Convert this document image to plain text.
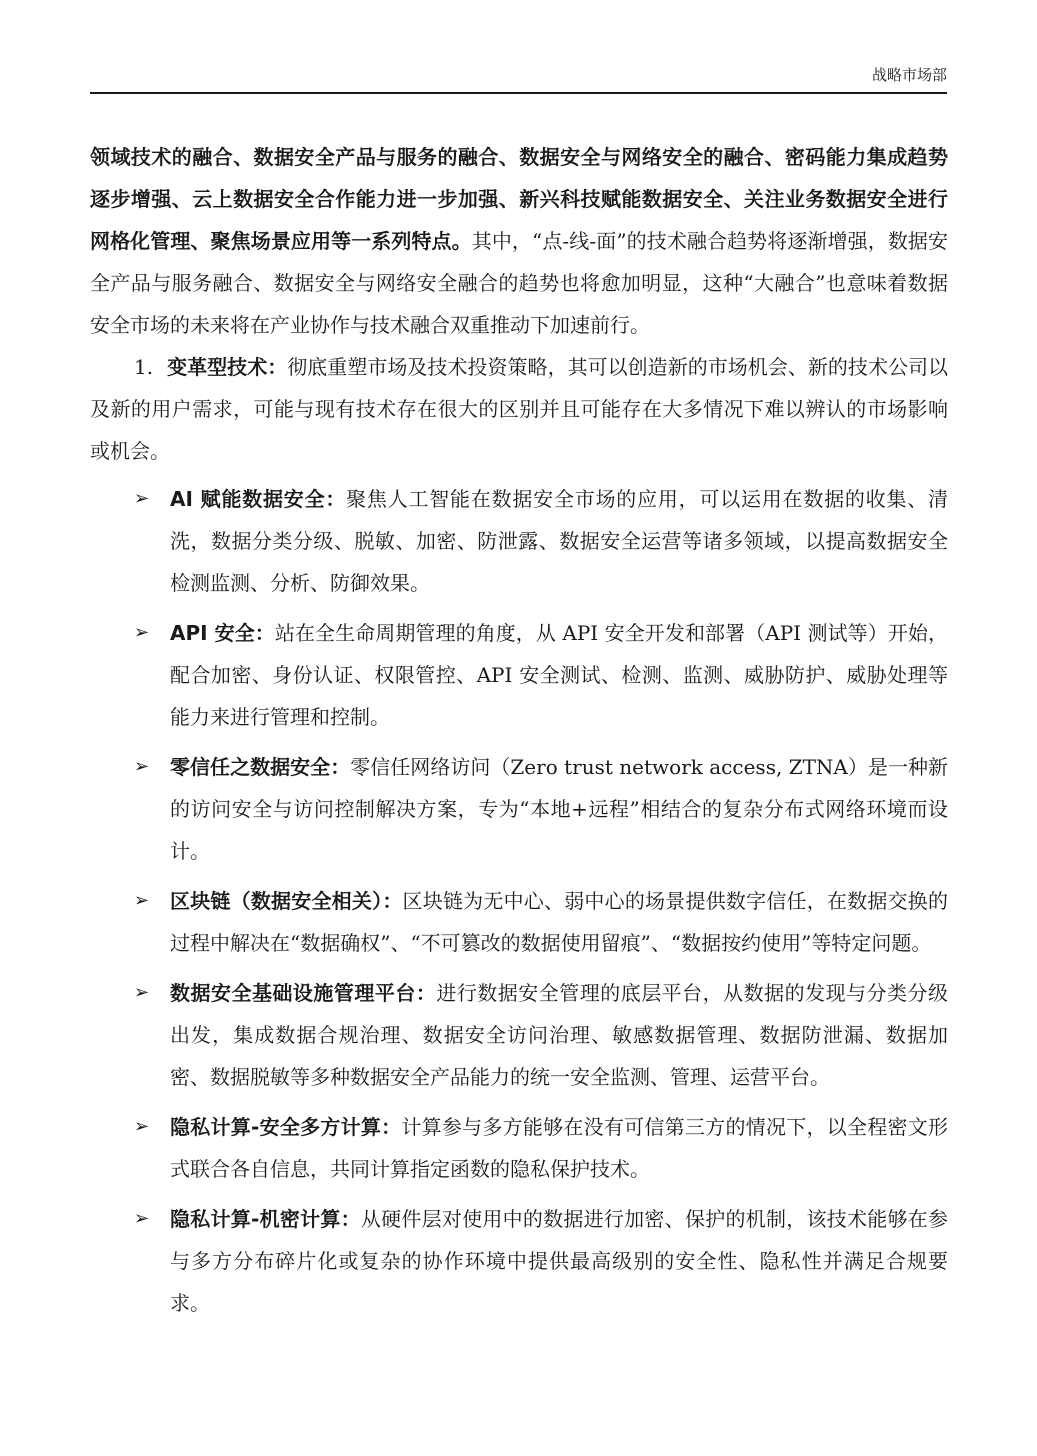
战略市场部

领域技术的融合、数据安全产品与服务的融合、数据安全与网络安全的融合、密码能力集成趋势逐步增强、云上数据安全合作能力进一步加强、新兴科技赋能数据安全、关注业务数据安全进行网格化管理、聚焦场景应用等一系列特点。其中，“点-线-面”的技术融合趋势将逐渐增强，数据安全产品与服务融合、数据安全与网络安全融合的趋势也将愈加明显，这种“大融合”也意味着数据安全市场的未来将在产业协作与技术融合双重推动下加速前行。

1. 变革型技术：彻底重塑市场及技术投资策略，其可以创造新的市场机会、新的技术公司以及新的用户需求，可能与现有技术存在很大的区别并且可能存在大多情况下难以辨认的市场影响或机会。

➢ AI 赋能数据安全：聚焦人工智能在数据安全市场的应用，可以运用在数据的收集、清洗，数据分类分级、脱敏、加密、防泄露、数据安全运营等诸多领域，以提高数据安全检测监测、分析、防御效果。
➢ API 安全：站在全生命周期管理的角度，从 API 安全开发和部署（API 测试等）开始，配合加密、身份认证、权限管控、API 安全测试、检测、监测、威胁防护、威胁处理等能力来进行管理和控制。
➢ 零信任之数据安全：零信任网络访问（Zero trust network access, ZTNA）是一种新的访问安全与访问控制解决方案，专为“本地+远程”相结合的复杂分布式网络环境而设计。
➢ 区块链（数据安全相关）：区块链为无中心、弱中心的场景提供数字信任，在数据交换的过程中解决在“数据确权”、“不可篡改的数据使用留痕”、“数据按约使用”等特定问题。
➢ 数据安全基础设施管理平台：进行数据安全管理的底层平台，从数据的发现与分类分级出发，集成数据合规治理、数据安全访问治理、敏感数据管理、数据防泄漏、数据加密、数据脱敏等多种数据安全产品能力的统一安全监测、管理、运营平台。
➢ 隐私计算-安全多方计算：计算参与多方能够在没有可信第三方的情况下，以全程密文形式联合各自信息，共同计算指定函数的隐私保护技术。
➢ 隐私计算-机密计算：从硬件层对使用中的数据进行加密、保护的机制，该技术能够在参与多方分布碎片化或复杂的协作环境中提供最高级别的安全性、隐私性并满足合规要求。
